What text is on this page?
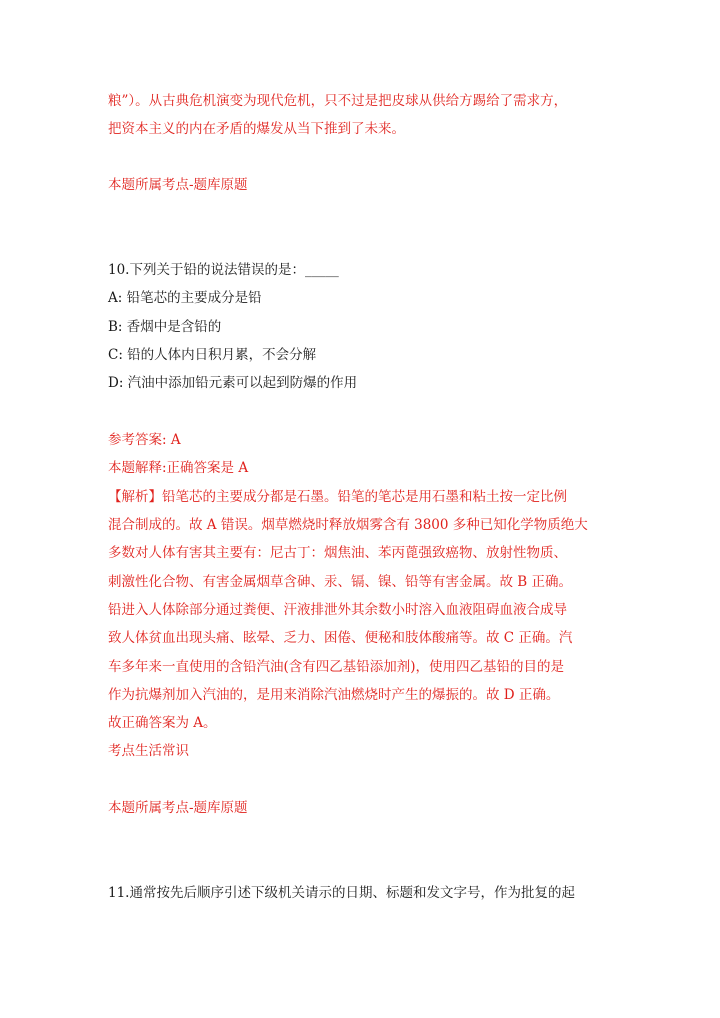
粮”）。从古典危机演变为现代危机，只不过是把皮球从供给方踢给了需求方，
把资本主义的内在矛盾的爆发从当下推到了未来。
本题所属考点-题库原题
10.下列关于铅的说法错误的是：_____
A: 铅笔芯的主要成分是铅
B: 香烟中是含铅的
C: 铅的人体内日积月累，不会分解
D: 汽油中添加铅元素可以起到防爆的作用
参考答案: A
本题解释:正确答案是 A
【解析】铅笔芯的主要成分都是石墨。铅笔的笔芯是用石墨和粘土按一定比例
混合制成的。故 A 错误。烟草燃烧时释放烟雾含有 3800 多种已知化学物质绝大
多数对人体有害其主要有：尼古丁：烟焦油、苯丙蓖强致癌物、放射性物质、
刺激性化合物、有害金属烟草含砷、汞、镉、镍、铅等有害金属。故 B 正确。
铅进入人体除部分通过粪便、汗液排泄外其余数小时溶入血液阻碍血液合成导
致人体贫血出现头痛、眩晕、乏力、困倦、便秘和肢体酸痛等。故 C 正确。汽
车多年来一直使用的含铅汽油(含有四乙基铅添加剂)，使用四乙基铅的目的是
作为抗爆剂加入汽油的，是用来消除汽油燃烧时产生的爆振的。故 D 正确。
故正确答案为 A。
考点生活常识
本题所属考点-题库原题
11.通常按先后顺序引述下级机关请示的日期、标题和发文字号，作为批复的起
